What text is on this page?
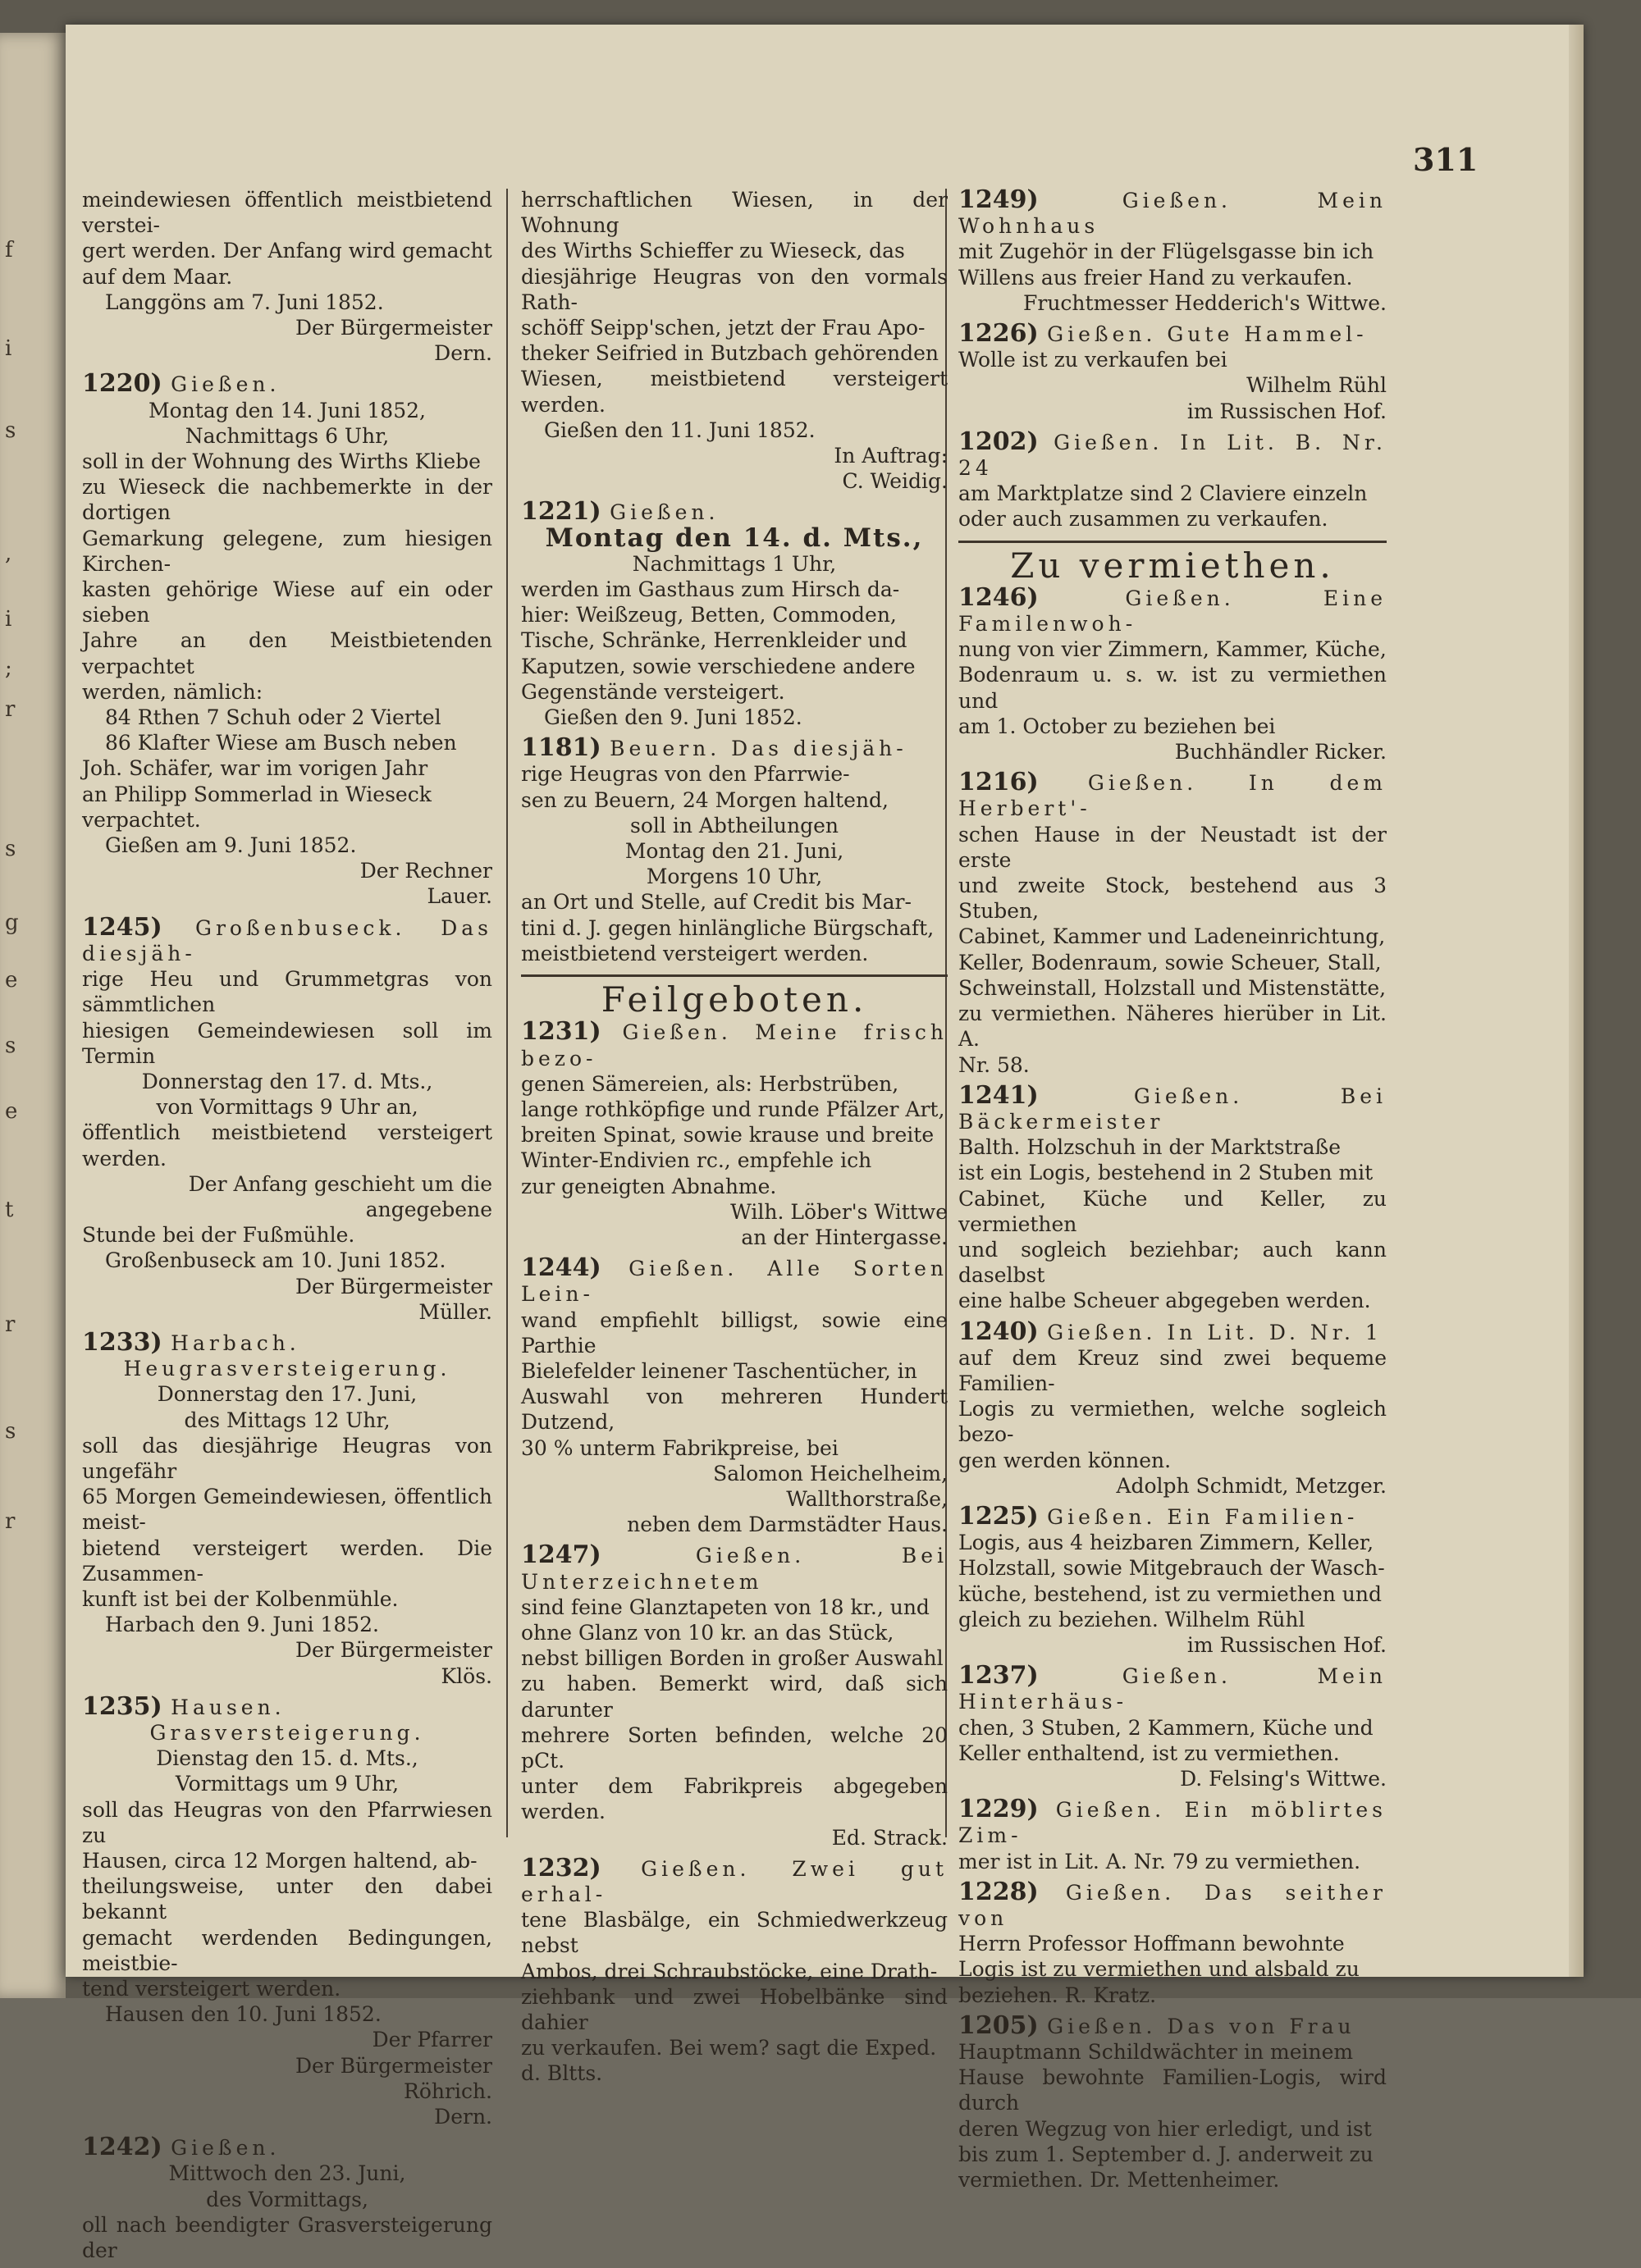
f
i
s
,
i
;
r
s
g
e
s
e
t
r
s
r
311
meindewiesen öffentlich meistbietend verstei-
gert werden. Der Anfang wird gemacht
auf dem Maar.
Langgöns am 7. Juni 1852.
Der Bürgermeister
Dern.
1220) Gießen.
Montag den 14. Juni 1852,
Nachmittags 6 Uhr,
soll in der Wohnung des Wirths Kliebe
zu Wieseck die nachbemerkte in der dortigen
Gemarkung gelegene, zum hiesigen Kirchen-
kasten gehörige Wiese auf ein oder sieben
Jahre an den Meistbietenden verpachtet
werden, nämlich:
84 Rthen 7 Schuh oder 2 Viertel
86 Klafter Wiese am Busch neben
Joh. Schäfer, war im vorigen Jahr
an Philipp Sommerlad in Wieseck
verpachtet.
Gießen am 9. Juni 1852.
Der Rechner
Lauer.
1245) Großenbuseck. Das diesjäh-
rige Heu und Grummetgras von sämmtlichen
hiesigen Gemeindewiesen soll im Termin
Donnerstag den 17. d. Mts.,
von Vormittags 9 Uhr an,
öffentlich meistbietend versteigert werden.
Der Anfang geschieht um die angegebene
Stunde bei der Fußmühle.
Großenbuseck am 10. Juni 1852.
Der Bürgermeister
Müller.
1233) Harbach.
Heugrasversteigerung.
Donnerstag den 17. Juni,
des Mittags 12 Uhr,
soll das diesjährige Heugras von ungefähr
65 Morgen Gemeindewiesen, öffentlich meist-
bietend versteigert werden. Die Zusammen-
kunft ist bei der Kolbenmühle.
Harbach den 9. Juni 1852.
Der Bürgermeister
Klös.
1235) Hausen.
Grasversteigerung.
Dienstag den 15. d. Mts.,
Vormittags um 9 Uhr,
soll das Heugras von den Pfarrwiesen zu
Hausen, circa 12 Morgen haltend, ab-
theilungsweise, unter den dabei bekannt
gemacht werdenden Bedingungen, meistbie-
tend versteigert werden.
Hausen den 10. Juni 1852.
Der Pfarrer
Der Bürgermeister
Röhrich.
Dern.
1242) Gießen.
Mittwoch den 23. Juni,
des Vormittags,
oll nach beendigter Grasversteigerung der
herrschaftlichen Wiesen, in der Wohnung
des Wirths Schieffer zu Wieseck, das
diesjährige Heugras von den vormals Rath-
schöff Seipp'schen, jetzt der Frau Apo-
theker Seifried in Butzbach gehörenden
Wiesen, meistbietend versteigert werden.
Gießen den 11. Juni 1852.
In Auftrag:
C. Weidig.
1221) Gießen.
Montag den 14. d. Mts.,
Nachmittags 1 Uhr,
werden im Gasthaus zum Hirsch da-
hier: Weißzeug, Betten, Commoden,
Tische, Schränke, Herrenkleider und
Kaputzen, sowie verschiedene andere
Gegenstände versteigert.
Gießen den 9. Juni 1852.
1181) Beuern. Das diesjäh-
rige Heugras von den Pfarrwie-
sen zu Beuern, 24 Morgen haltend,
soll in Abtheilungen
Montag den 21. Juni,
Morgens 10 Uhr,
an Ort und Stelle, auf Credit bis Mar-
tini d. J. gegen hinlängliche Bürgschaft,
meistbietend versteigert werden.
Feilgeboten.
1231) Gießen. Meine frisch bezo-
genen Sämereien, als: Herbstrüben,
lange rothköpfige und runde Pfälzer Art,
breiten Spinat, sowie krause und breite
Winter-Endivien rc., empfehle ich
zur geneigten Abnahme.
Wilh. Löber's Wittwe
an der Hintergasse.
1244) Gießen. Alle Sorten Lein-
wand empfiehlt billigst, sowie eine Parthie
Bielefelder leinener Taschentücher, in
Auswahl von mehreren Hundert Dutzend,
30 % unterm Fabrikpreise, bei
Salomon Heichelheim,
Wallthorstraße,
neben dem Darmstädter Haus.
1247) Gießen. Bei Unterzeichnetem
sind feine Glanztapeten von 18 kr., und
ohne Glanz von 10 kr. an das Stück,
nebst billigen Borden in großer Auswahl
zu haben. Bemerkt wird, daß sich darunter
mehrere Sorten befinden, welche 20 pCt.
unter dem Fabrikpreis abgegeben werden.
Ed. Strack.
1232) Gießen. Zwei gut erhal-
tene Blasbälge, ein Schmiedwerkzeug nebst
Ambos, drei Schraubstöcke, eine Drath-
ziehbank und zwei Hobelbänke sind dahier
zu verkaufen. Bei wem? sagt die Exped.
d. Bltts.
1249) Gießen. Mein Wohnhaus
mit Zugehör in der Flügelsgasse bin ich
Willens aus freier Hand zu verkaufen.
Fruchtmesser Hedderich's Wittwe.
1226) Gießen. Gute Hammel-
Wolle ist zu verkaufen bei
Wilhelm Rühl
im Russischen Hof.
1202) Gießen. In Lit. B. Nr. 24
am Marktplatze sind 2 Claviere einzeln
oder auch zusammen zu verkaufen.
Zu vermiethen.
1246) Gießen. Eine Familenwoh-
nung von vier Zimmern, Kammer, Küche,
Bodenraum u. s. w. ist zu vermiethen und
am 1. October zu beziehen bei
Buchhändler Ricker.
1216) Gießen. In dem Herbert'-
schen Hause in der Neustadt ist der erste
und zweite Stock, bestehend aus 3 Stuben,
Cabinet, Kammer und Ladeneinrichtung,
Keller, Bodenraum, sowie Scheuer, Stall,
Schweinstall, Holzstall und Mistenstätte,
zu vermiethen. Näheres hierüber in Lit. A.
Nr. 58.
1241) Gießen. Bei Bäckermeister
Balth. Holzschuh in der Marktstraße
ist ein Logis, bestehend in 2 Stuben mit
Cabinet, Küche und Keller, zu vermiethen
und sogleich beziehbar; auch kann daselbst
eine halbe Scheuer abgegeben werden.
1240) Gießen. In Lit. D. Nr. 1
auf dem Kreuz sind zwei bequeme Familien-
Logis zu vermiethen, welche sogleich bezo-
gen werden können.
Adolph Schmidt, Metzger.
1225) Gießen. Ein Familien-
Logis, aus 4 heizbaren Zimmern, Keller,
Holzstall, sowie Mitgebrauch der Wasch-
küche, bestehend, ist zu vermiethen und
gleich zu beziehen. Wilhelm Rühl
im Russischen Hof.
1237) Gießen. Mein Hinterhäus-
chen, 3 Stuben, 2 Kammern, Küche und
Keller enthaltend, ist zu vermiethen.
D. Felsing's Wittwe.
1229) Gießen. Ein möblirtes Zim-
mer ist in Lit. A. Nr. 79 zu vermiethen.
1228) Gießen. Das seither von
Herrn Professor Hoffmann bewohnte
Logis ist zu vermiethen und alsbald zu
beziehen. R. Kratz.
1205) Gießen. Das von Frau
Hauptmann Schildwächter in meinem
Hause bewohnte Familien-Logis, wird durch
deren Wegzug von hier erledigt, und ist
bis zum 1. September d. J. anderweit zu
vermiethen. Dr. Mettenheimer.
